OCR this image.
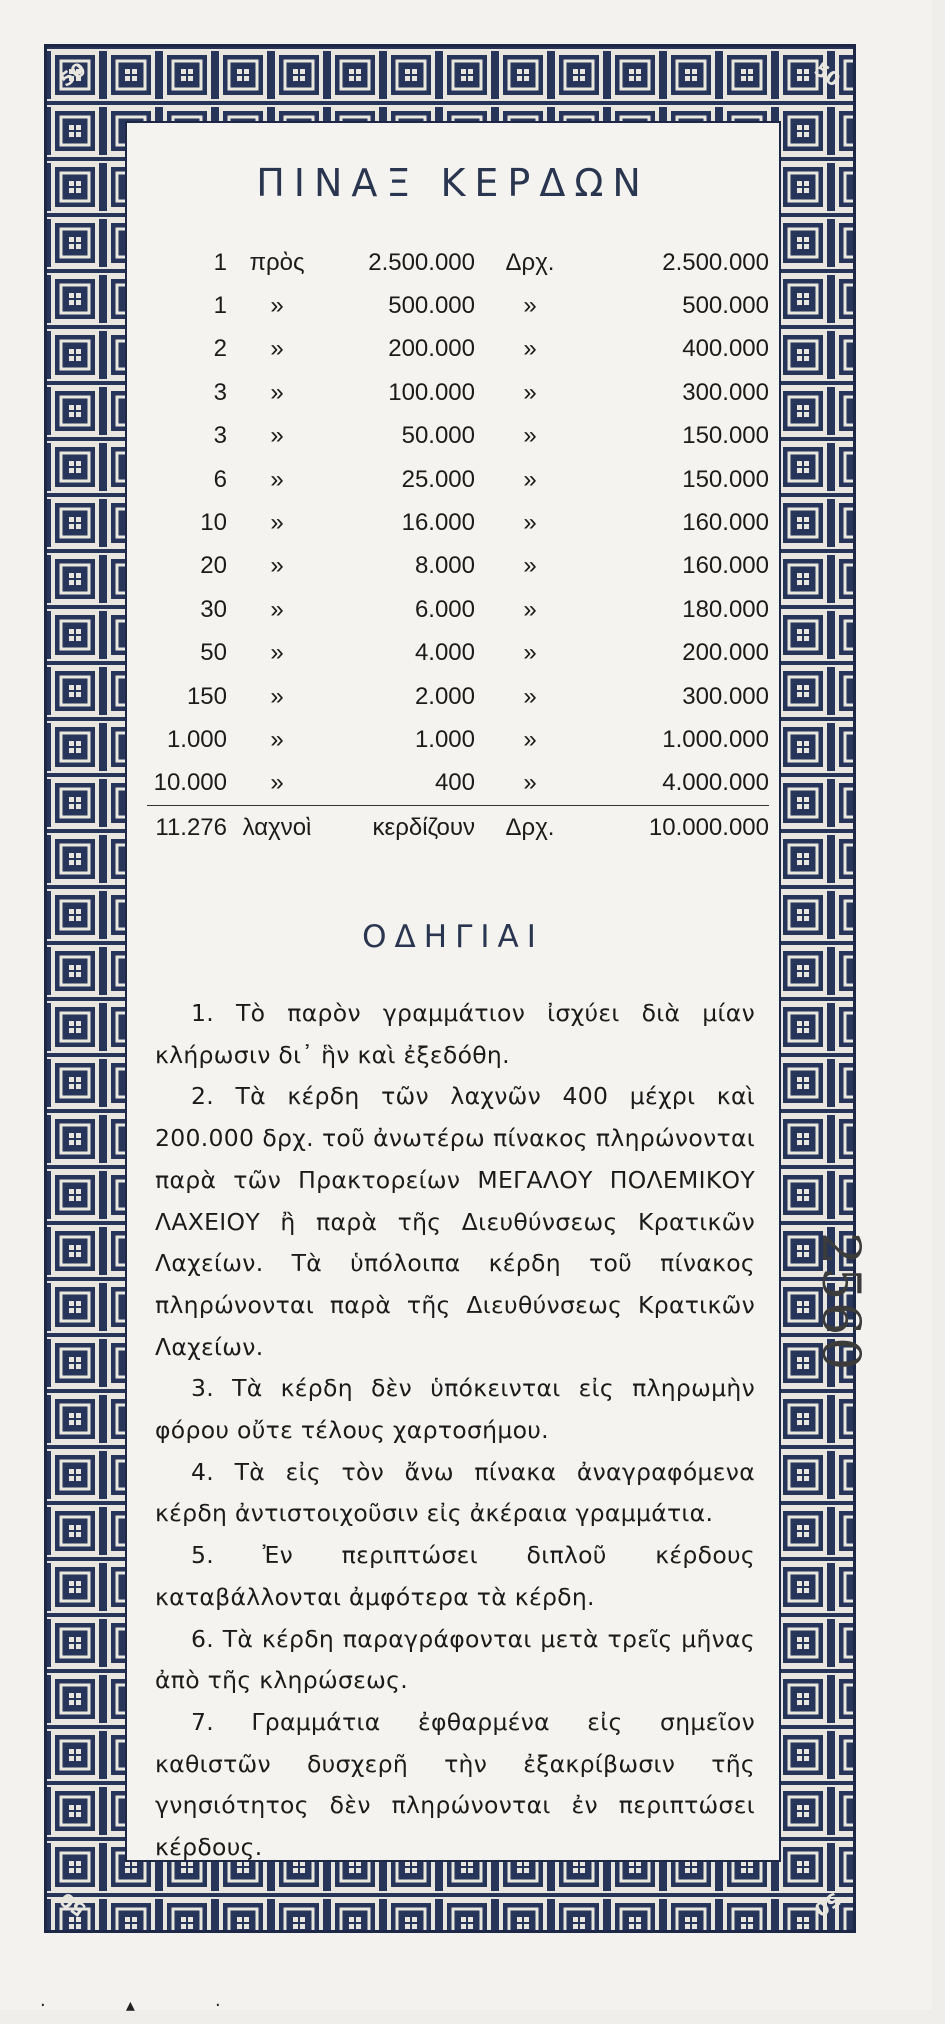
50	50
50	50
ΠΙΝΑΞ ΚΕΡΔΩΝ
1	πρὸς	2.500.000	Δρχ.	2.500.000
1	»	500.000	»	500.000
2	»	200.000	»	400.000
3	»	100.000	»	300.000
3	»	50.000	»	150.000
6	»	25.000	»	150.000
10	»	16.000	»	160.000
20	»	8.000	»	160.000
30	»	6.000	»	180.000
50	»	4.000	»	200.000
150	»	2.000	»	300.000
1.000	»	1.000	»	1.000.000
10.000	»	400	»	4.000.000
11.276	λαχνοὶ	κερδίζουν	Δρχ.	10.000.000
ΟΔΗΓΙΑΙ

1. Τὸ παρὸν γραμμάτιον ἰσχύει διὰ μίαν κλήρωσιν δι᾿ ἣν καὶ ἐξεδόθη.

2. Τὰ κέρδη τῶν λαχνῶν 400 μέχρι καὶ 200.000 δρχ. τοῦ ἀνωτέρω πίνακος πληρώνονται παρὰ τῶν Πρακτορείων ΜΕΓΑΛΟΥ ΠΟΛΕΜΙΚΟΥ ΛΑΧΕΙΟΥ ἢ παρὰ τῆς Διευθύνσεως Κρατικῶν Λαχείων. Τὰ ὑπόλοιπα κέρδη τοῦ πίνακος πληρώνονται παρὰ τῆς Διευθύνσεως Κρατικῶν Λαχείων.

3. Τὰ κέρδη δὲν ὑπόκεινται εἰς πληρωμὴν φόρου οὔτε τέλους χαρτοσήμου.

4. Τὰ εἰς τὸν ἄνω πίνακα ἀναγραφόμενα κέρδη ἀντιστοιχοῦσιν εἰς ἀκέραια γραμμάτια.

5. Ἐν περιπτώσει διπλοῦ κέρδους καταβάλλονται ἀμφότερα τὰ κέρδη.

6. Τὰ κέρδη παραγράφονται μετὰ τρεῖς μῆνας ἀπὸ τῆς κληρώσεως.

7. Γραμμάτια ἐφθαρμένα εἰς σημεῖον καθιστῶν δυσχερῆ τὴν ἐξακρίβωσιν τῆς γνησιότητος δὲν πληρώνονται ἐν περιπτώσει κέρδους.

2560
·              ▴              ·
